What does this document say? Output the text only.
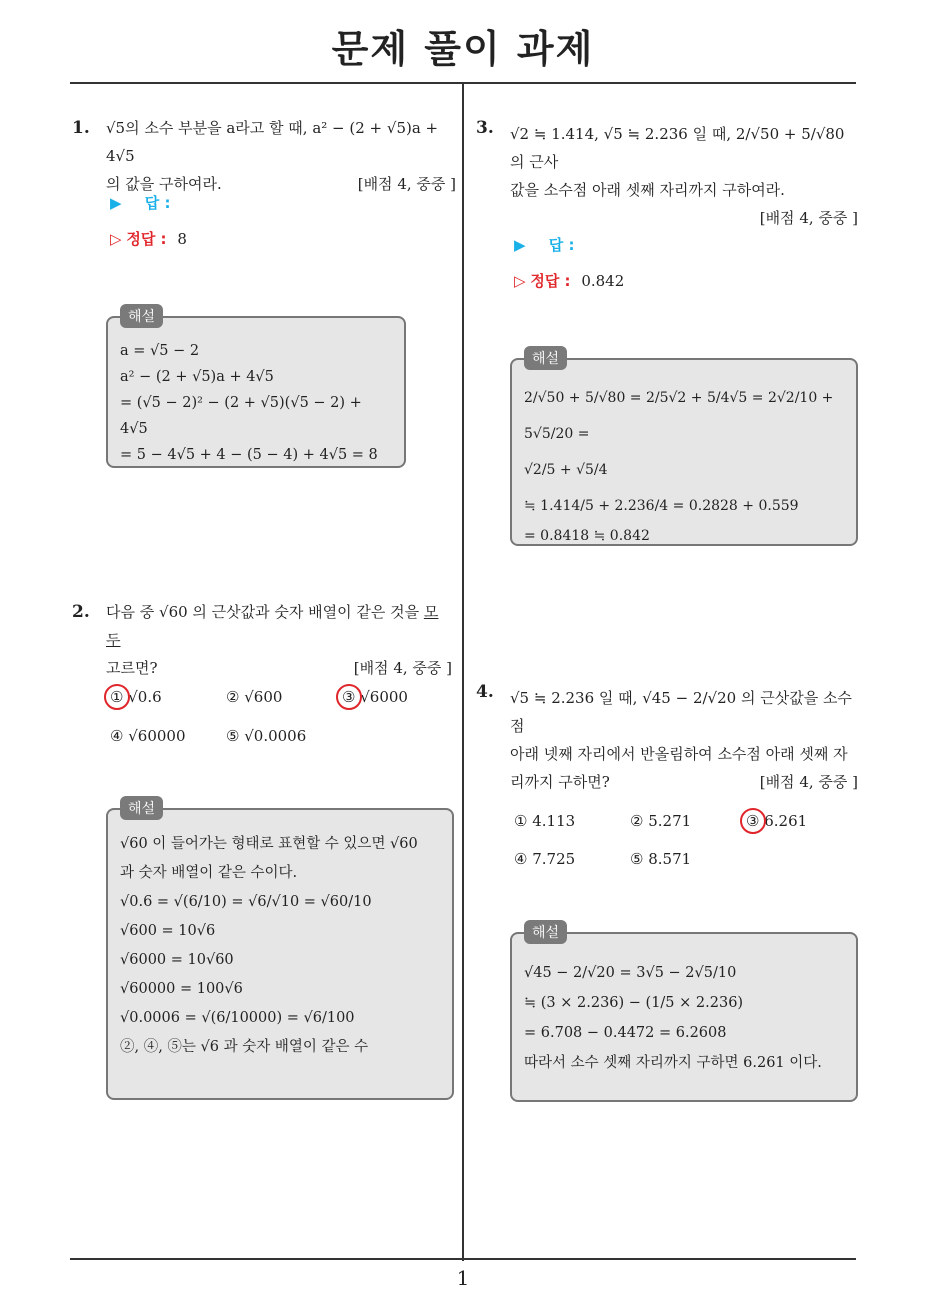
문제 풀이 과제
1
1. √5의 소수 부분을 a라고 할 때, a² − (2 + √5)a + 4√5
의 값을 구하여라.	[배점 4, 중중 ]
▶ 답 :
▷ 정답 : 8
해설
a = √5 − 2
a² − (2 + √5)a + 4√5
= (√5 − 2)² − (2 + √5)(√5 − 2) + 4√5
= 5 − 4√5 + 4 − (5 − 4) + 4√5 = 8
2. 다음 중 √60 의 근삿값과 숫자 배열이 같은 것을 모두
고르면?	[배점 4, 중중 ]
① √0.6	② √600	③ √6000
④ √60000	⑤ √0.0006
해설
√60 이 들어가는 형태로 표현할 수 있으면 √60
과 숫자 배열이 같은 수이다.
√0.6 = √(6/10) = √6/√10 = √60/10
√600 = 10√6
√6000 = 10√60
√60000 = 100√6
√0.0006 = √(6/10000) = √6/100
②, ④, ⑤는 √6 과 숫자 배열이 같은 수
3. √2 ≒ 1.414, √5 ≒ 2.236 일 때, 2/√50 + 5/√80 의 근사
값을 소수점 아래 셋째 자리까지 구하여라.
[배점 4, 중중 ]
▶ 답 :
▷ 정답 : 0.842
해설
2/√50 + 5/√80 = 2/5√2 + 5/4√5 = 2√2/10 + 5√5/20 =
√2/5 + √5/4
≒ 1.414/5 + 2.236/4 = 0.2828 + 0.559
= 0.8418 ≒ 0.842
4. √5 ≒ 2.236 일 때, √45 − 2/√20 의 근삿값을 소수점
아래 넷째 자리에서 반올림하여 소수점 아래 셋째 자
리까지 구하면?	[배점 4, 중중 ]
① 4.113	② 5.271	③ 6.261
④ 7.725	⑤ 8.571
해설
√45 − 2/√20 = 3√5 − 2√5/10
≒ (3 × 2.236) − (1/5 × 2.236)
= 6.708 − 0.4472 = 6.2608
따라서 소수 셋째 자리까지 구하면 6.261 이다.
